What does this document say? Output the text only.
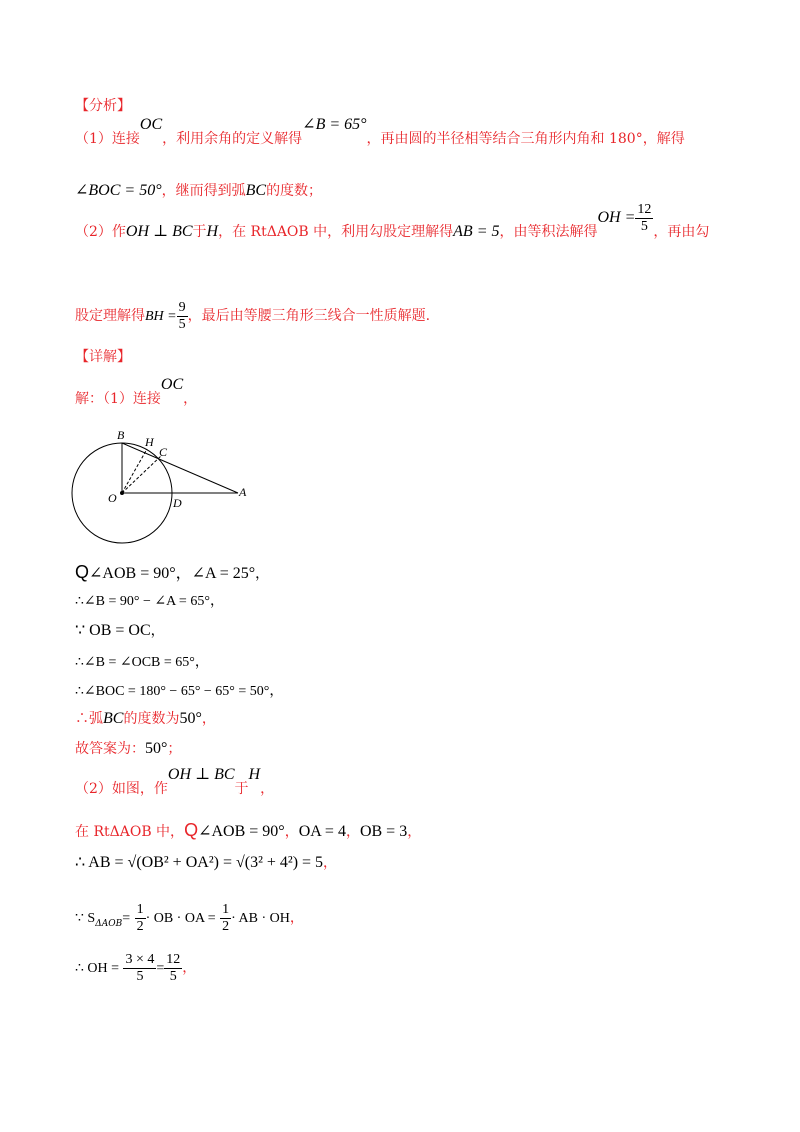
【分析】
（1）连接OC，利用余角的定义解得∠B = 65°，再由圆的半径相等结合三角形内角和 180°，解得
∠BOC = 50°，继而得到弧BC的度数；
（2）作OH ⊥ BC于H，在 RtΔAOB 中，利用勾股定理解得AB = 5，由等积法解得OH = $\frac{12}{5}$ ，再由勾
股定理解得BH = $\frac{9}{5}$ ，最后由等腰三角形三线合一性质解题.
【详解】
解：（1）连接OC，
B H
C
O	D
A
Q∠AOB = 90°，∠A = 25°，
∴∠B = 90° − ∠A = 65°，
∵ OB = OC，
∴∠B = ∠OCB = 65°，
∴∠BOC = 180° − 65° − 65° = 50°，
∴弧BC的度数为50°，
故答案为：50°；
（2）如图，作OH ⊥ BC于H，
在 RtΔAOB 中，Q∠AOB = 90°，OA = 4，OB = 3，
∴ AB = √(OB² + OA²) = √(3² + 4²) = 5，
∵ $S_{\Delta AOB}= \frac{1}{2}$ · OB · OA = $\frac{1}{2}$ · AB · OH，
∴ OH = $\frac{3 \times 4}{5} = \frac{12}{5}$ ，
